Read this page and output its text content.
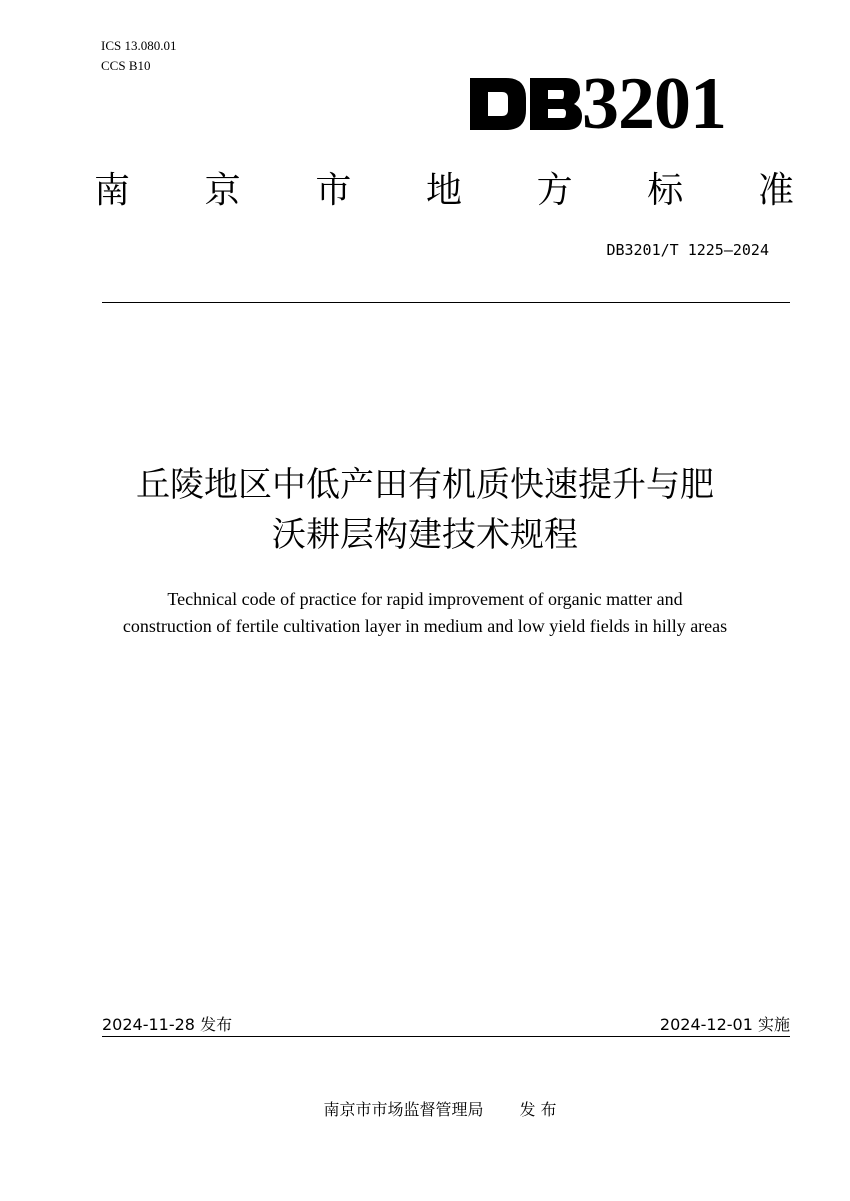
ICS 13.080.01
CCS B10	3201
南 京 市 地 方 标 准
DB3201/T 1225—2024
丘陵地区中低产田有机质快速提升与肥
沃耕层构建技术规程
Technical code of practice for rapid improvement of organic matter and
construction of fertile cultivation layer in medium and low yield fields in hilly areas
2024-11-28 发布	2024-12-01 实施
南京市市场监督管理局 发 布
